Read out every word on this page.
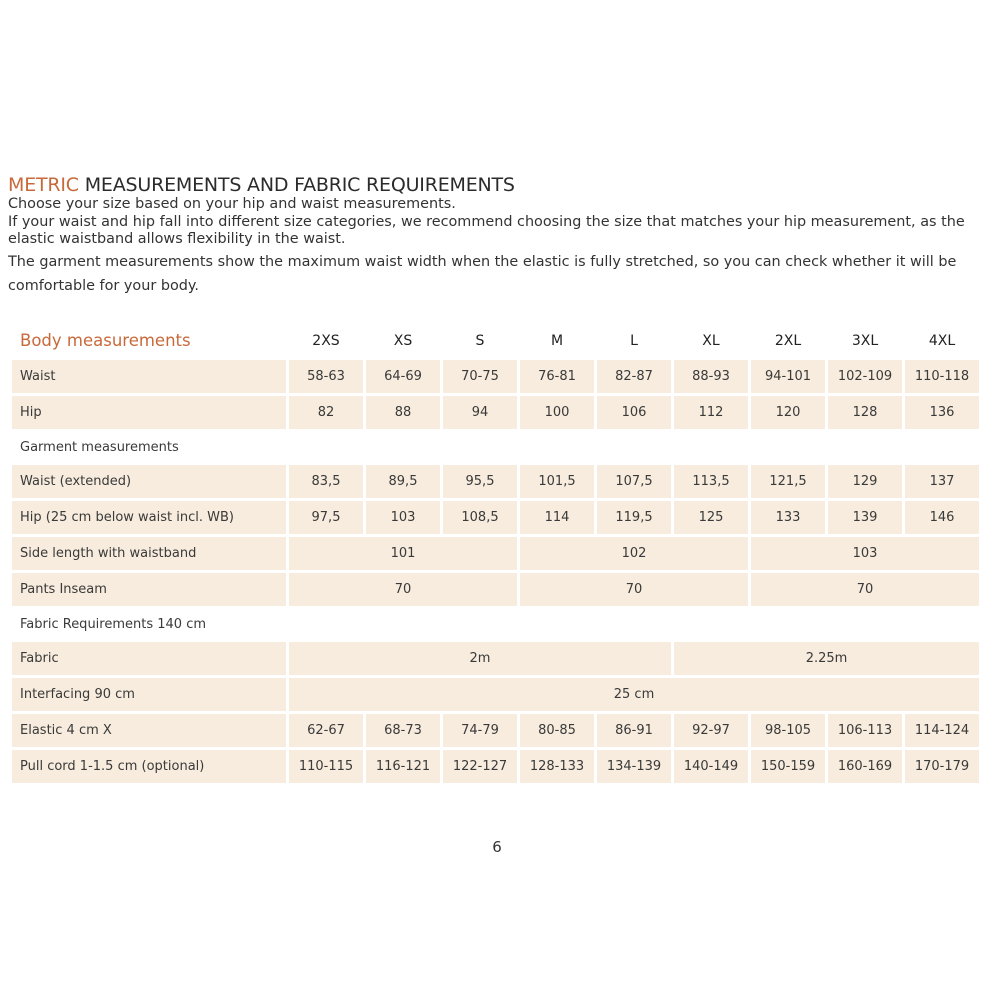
METRIC MEASUREMENTS AND FABRIC REQUIREMENTS

Choose your size based on your hip and waist measurements.

If your waist and hip fall into different size categories, we recommend choosing the size that matches your hip measurement, as the elastic waistband allows flexibility in the waist.

The garment measurements show the maximum waist width when the elastic is fully stretched, so you can check whether it will be comfortable for your body.

Body measurements	2XS	XS	S	M	L	XL	2XL	3XL	4XL
Waist	58-63	64-69	70-75	76-81	82-87	88-93	94-101	102-109	110-118
Hip	82	88	94	100	106	112	120	128	136
Garment measurements									
Waist (extended)	83,5	89,5	95,5	101,5	107,5	113,5	121,5	129	137
Hip (25 cm below waist incl. WB)	97,5	103	108,5	114	119,5	125	133	139	146
Side length with waistband	101			102			103		
Pants Inseam	70			70			70		
Fabric Requirements 140 cm									
Fabric	2m					2.25m			
Interfacing 90 cm	25 cm								
Elastic 4 cm X	62-67	68-73	74-79	80-85	86-91	92-97	98-105	106-113	114-124
Pull cord 1-1.5 cm (optional)	110-115	116-121	122-127	128-133	134-139	140-149	150-159	160-169	170-179
6
